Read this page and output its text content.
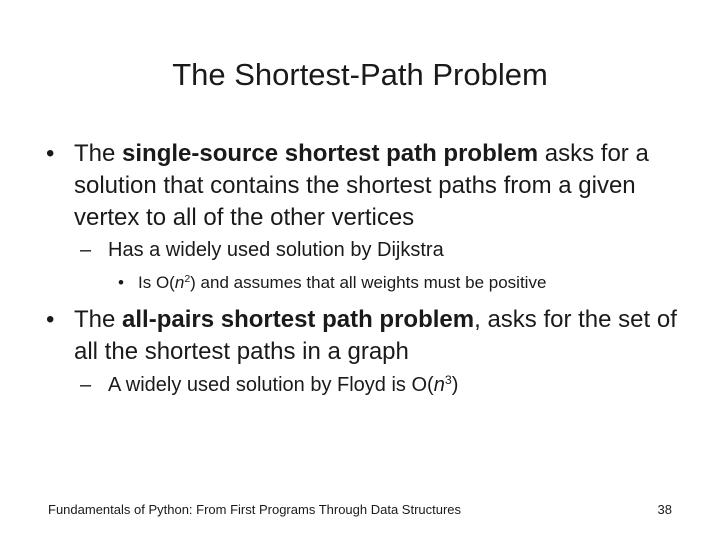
The Shortest-Path Problem
• The single-source shortest path problem asks for a solution that contains the shortest paths from a given vertex to all of the other vertices
– Has a widely used solution by Dijkstra
• Is $O(n^2)$ and assumes that all weights must be positive
• The all-pairs shortest path problem, asks for the set of all the shortest paths in a graph
– A widely used solution by Floyd is $O(n^3)$
Fundamentals of Python: From First Programs Through Data Structures	38
